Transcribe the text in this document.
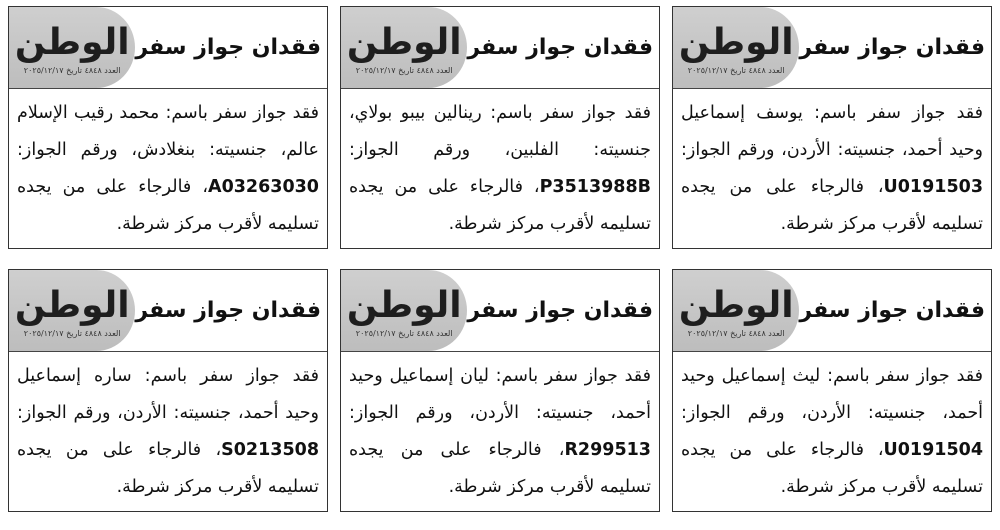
الوطن
العدد ٤٨٤٨ تاريخ ٢٠٢٥/١٢/١٧
فقدان جواز سفر
فقد جواز سفر باسم: محمد رقيب الإسلام عالم، جنسيته: بنغلادش، ورقم الجواز: A03263030، فالرجاء على من يجده تسليمه لأقرب مركز شرطة.
الوطن
العدد ٤٨٤٨ تاريخ ٢٠٢٥/١٢/١٧
فقدان جواز سفر
فقد جواز سفر باسم: رينالين بيبو بولاي، جنسيته: الفلبين، ورقم الجواز: P3513988B، فالرجاء على من يجده تسليمه لأقرب مركز شرطة.
الوطن
العدد ٤٨٤٨ تاريخ ٢٠٢٥/١٢/١٧
فقدان جواز سفر
فقد جواز سفر باسم: يوسف إسماعيل وحيد أحمد، جنسيته: الأردن، ورقم الجواز: U0191503، فالرجاء على من يجده تسليمه لأقرب مركز شرطة.
الوطن
العدد ٤٨٤٨ تاريخ ٢٠٢٥/١٢/١٧
فقدان جواز سفر
فقد جواز سفر باسم: ساره إسماعيل وحيد أحمد، جنسيته: الأردن، ورقم الجواز: S0213508، فالرجاء على من يجده تسليمه لأقرب مركز شرطة.
الوطن
العدد ٤٨٤٨ تاريخ ٢٠٢٥/١٢/١٧
فقدان جواز سفر
فقد جواز سفر باسم: ليان إسماعيل وحيد أحمد، جنسيته: الأردن، ورقم الجواز: R299513، فالرجاء على من يجده تسليمه لأقرب مركز شرطة.
الوطن
العدد ٤٨٤٨ تاريخ ٢٠٢٥/١٢/١٧
فقدان جواز سفر
فقد جواز سفر باسم: ليث إسماعيل وحيد أحمد، جنسيته: الأردن، ورقم الجواز: U0191504، فالرجاء على من يجده تسليمه لأقرب مركز شرطة.
